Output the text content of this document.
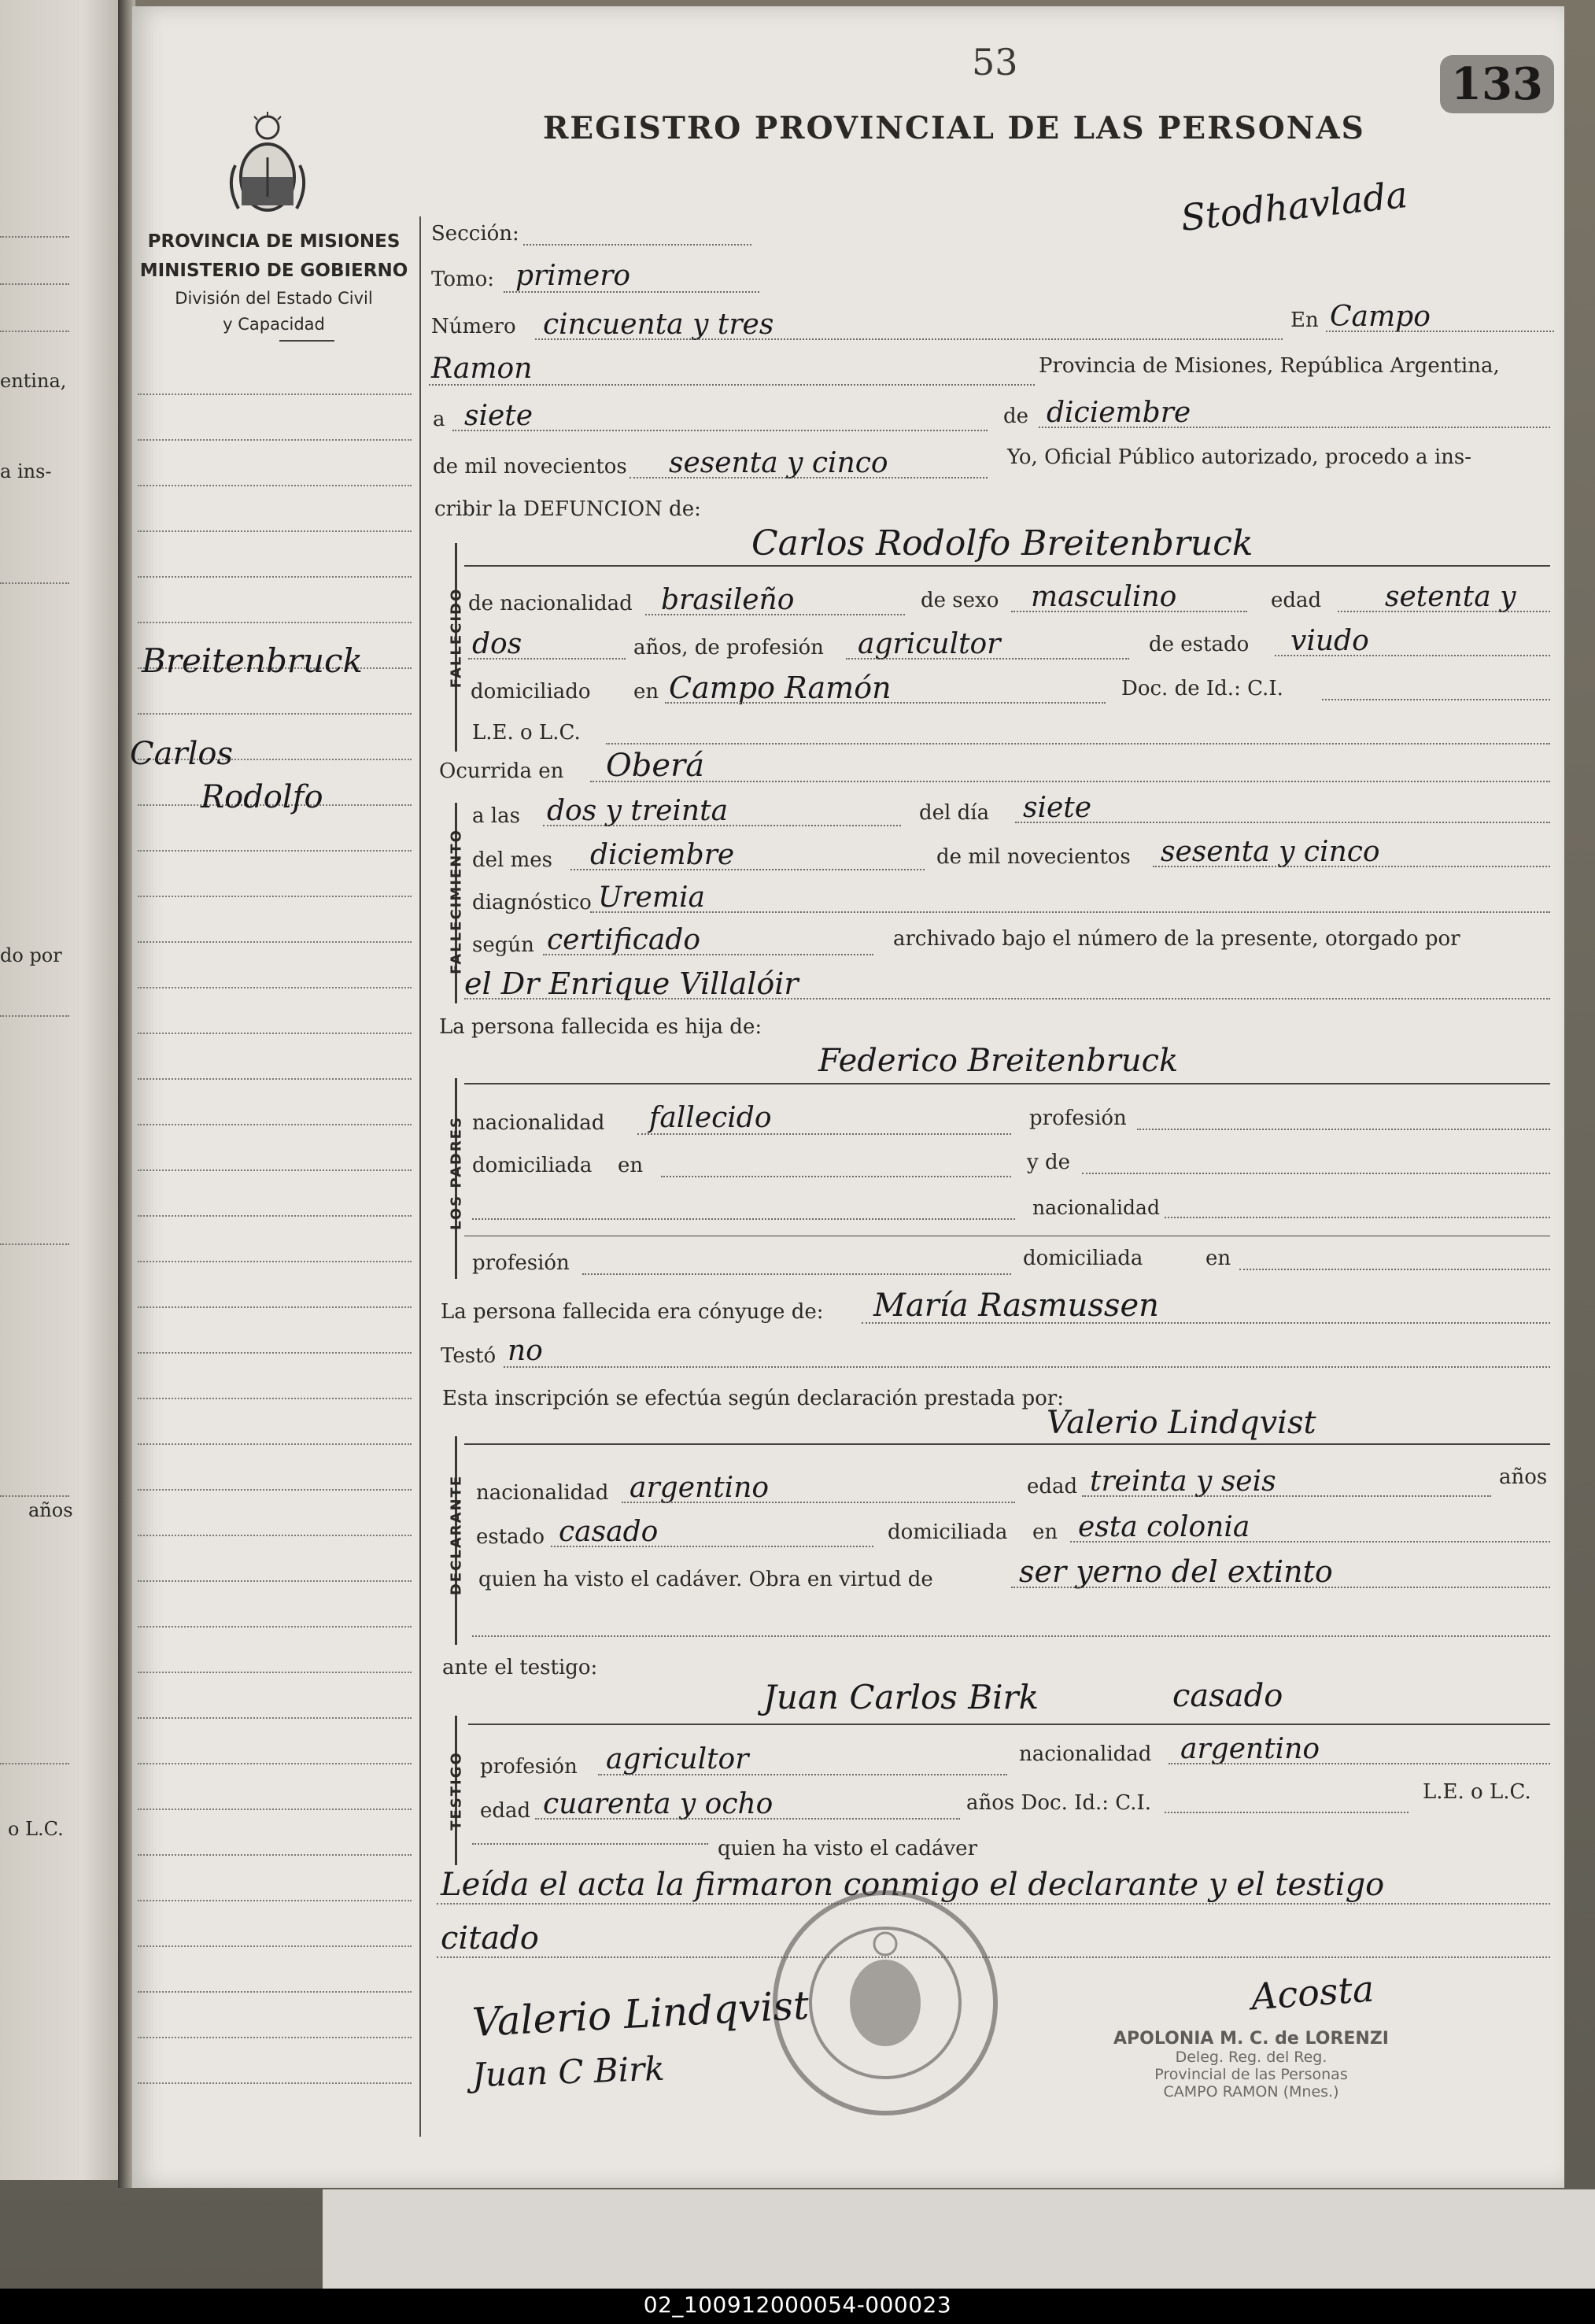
entina,
a ins-
do por
años
o L.C.
53	133
REGISTRO PROVINCIAL DE LAS PERSONAS
Stodhavlada
PROVINCIA DE MISIONES
MINISTERIO DE GOBIERNO
División del Estado Civil
y Capacidad
Breitenbruck
Carlos
Rodolfo
Sección:
Tomo: primero
Número cincuenta y tres	En Campo
Ramon	Provincia de Misiones, República Argentina,
a siete	de diciembre
de mil novecientos sesenta y cinco	Yo, Oficial Público autorizado, procedo a ins-
cribir la DEFUNCION de:
FALLECIDO
Carlos Rodolfo Breitenbruck
de nacionalidad brasileño	de sexo masculino	edad setenta y
dos	años, de profesión agricultor	de estado viudo
domiciliado en Campo Ramón	Doc. de Id.: C.I.
L.E. o L.C.
Ocurrida en Oberá
FALLECIMIENTO
a las dos y treinta	del día siete
del mes diciembre	de mil novecientos sesenta y cinco
diagnóstico Uremia
según certificado	archivado bajo el número de la presente, otorgado por
el Dr Enrique Villalóir
La persona fallecida es hija de:
LOS PADRES
Federico Breitenbruck
nacionalidad fallecido	profesión
domiciliada en	y de
nacionalidad
profesión	domiciliada	en
La persona fallecida era cónyuge de: María Rasmussen
Testó no
Esta inscripción se efectúa según declaración prestada por:
DECLARANTE
Valerio Lindqvist
nacionalidad argentino	edad treinta y seis	años
estado casado	domiciliada en esta colonia
quien ha visto el cadáver. Obra en virtud de	ser yerno del extinto
ante el testigo:
TESTIGO
Juan Carlos Birk	casado
profesión agricultor	nacionalidad argentino
edad cuarenta y ocho	años Doc. Id.: C.I.	L.E. o L.C.
quien ha visto el cadáver
Leída el acta la firmaron conmigo el declarante y el testigo
citado
Valerio Lindqvist
Juan C Birk
Acosta
APOLONIA M. C. de LORENZI
Deleg. Reg. del Reg.
Provincial de las Personas
CAMPO RAMON (Mnes.)
02_100912000054-000023
